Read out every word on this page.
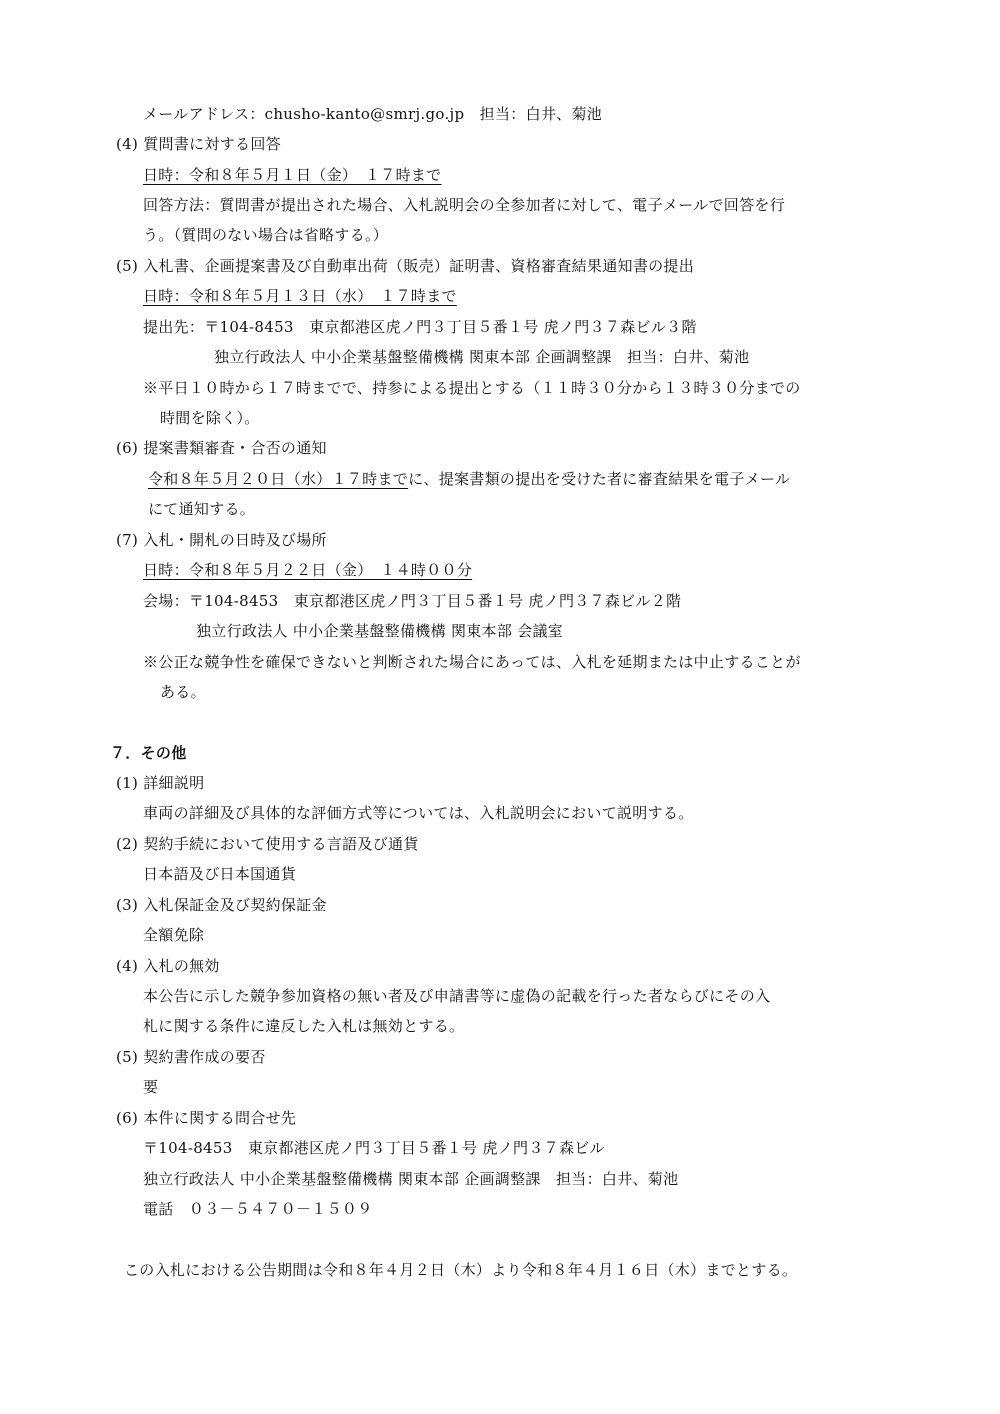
メールアドレス：chusho-kanto@smrj.go.jp　担当：白井、菊池
(4) 質問書に対する回答
日時：令和８年５月１日（金）　１７時まで
回答方法：質問書が提出された場合、入札説明会の全参加者に対して、電子メールで回答を行
う。（質問のない場合は省略する。）
(5) 入札書、企画提案書及び自動車出荷（販売）証明書、資格審査結果通知書の提出
日時：令和８年５月１３日（水）　１７時まで
提出先：〒104-8453　東京都港区虎ノ門３丁目５番１号 虎ノ門３７森ビル３階
独立行政法人 中小企業基盤整備機構 関東本部 企画調整課　担当：白井、菊池
※平日１０時から１７時までで、持参による提出とする（１１時３０分から１３時３０分までの
時間を除く）。
(6) 提案書類審査・合否の通知
令和８年５月２０日（水）１７時までに、提案書類の提出を受けた者に審査結果を電子メール
にて通知する。
(7) 入札・開札の日時及び場所
日時：令和８年５月２２日（金）　１４時００分
会場：〒104-8453　東京都港区虎ノ門３丁目５番１号 虎ノ門３７森ビル２階
独立行政法人 中小企業基盤整備機構 関東本部 会議室
※公正な競争性を確保できないと判断された場合にあっては、入札を延期または中止することが
ある。
７．その他
(1) 詳細説明
車両の詳細及び具体的な評価方式等については、入札説明会において説明する。
(2) 契約手続において使用する言語及び通貨
日本語及び日本国通貨
(3) 入札保証金及び契約保証金
全額免除
(4) 入札の無効
本公告に示した競争参加資格の無い者及び申請書等に虚偽の記載を行った者ならびにその入
札に関する条件に違反した入札は無効とする。
(5) 契約書作成の要否
要
(6) 本件に関する問合せ先
〒104-8453　東京都港区虎ノ門３丁目５番１号 虎ノ門３７森ビル
独立行政法人 中小企業基盤整備機構 関東本部 企画調整課　担当：白井、菊池
電話　０３－５４７０－１５０９
この入札における公告期間は令和８年４月２日（木）より令和８年４月１６日（木）までとする。
